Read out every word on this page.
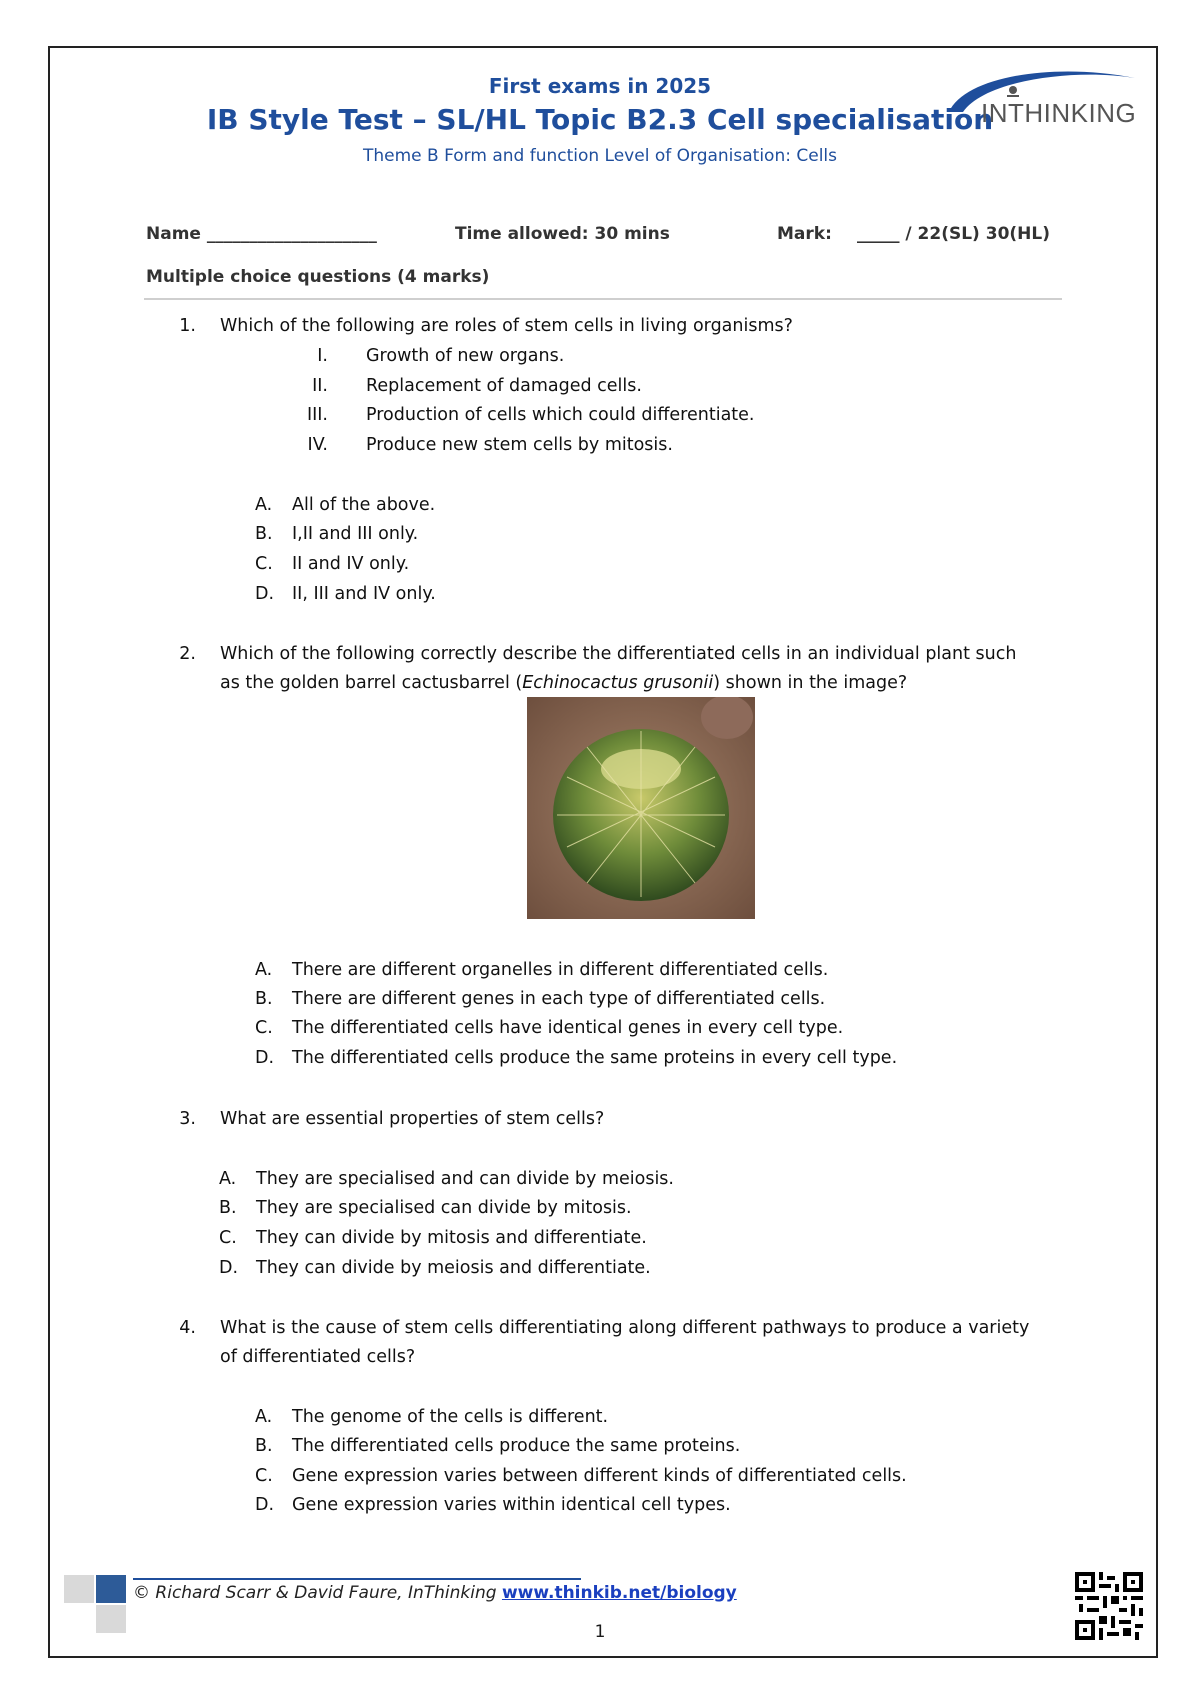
First exams in 2025
IB Style Test – SL/HL Topic B2.3 Cell specialisation
Theme B Form and function Level of Organisation: Cells
INTHINKING
Name ____________________	Time allowed: 30 mins	Mark: _____ / 22(SL) 30(HL)
Multiple choice questions (4 marks)
1. Which of the following are roles of stem cells in living organisms?
I. Growth of new organs.
II. Replacement of damaged cells.
III. Production of cells which could differentiate.
IV. Produce new stem cells by mitosis.
A.	All of the above.
B.	I,II and III only.
C.	II and IV only.
D.	II, III and IV only.
2. Which of the following correctly describe the differentiated cells in an individual plant such
as the golden barrel cactusbarrel (Echinocactus grusonii) shown in the image?
A.	There are different organelles in different differentiated cells.
B.	There are different genes in each type of differentiated cells.
C.	The differentiated cells have identical genes in every cell type.
D.	The differentiated cells produce the same proteins in every cell type.
3. What are essential properties of stem cells?
A.	They are specialised and can divide by meiosis.
B.	They are specialised can divide by mitosis.
C.	They can divide by mitosis and differentiate.
D.	They can divide by meiosis and differentiate.
4. What is the cause of stem cells differentiating along different pathways to produce a variety
of differentiated cells?
A.	The genome of the cells is different.
B.	The differentiated cells produce the same proteins.
C.	Gene expression varies between different kinds of differentiated cells.
D.	Gene expression varies within identical cell types.
© Richard Scarr & David Faure, InThinking www.thinkib.net/biology
1
